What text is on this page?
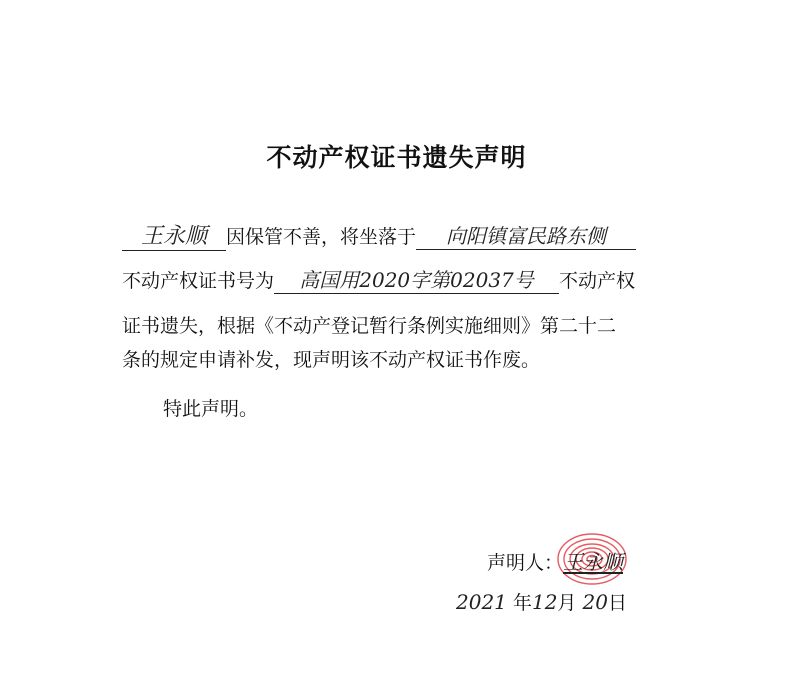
不动产权证书遗失声明
王永顺 因保管不善，将坐落于 向阳镇富民路东侧
不动产权证书号为 高国用2020字第02037号 不动产权
证书遗失，根据《不动产登记暂行条例实施细则》第二十二
条的规定申请补发，现声明该不动产权证书作废。
特此声明。
声明人：王永顺
2021 年12月 20日
